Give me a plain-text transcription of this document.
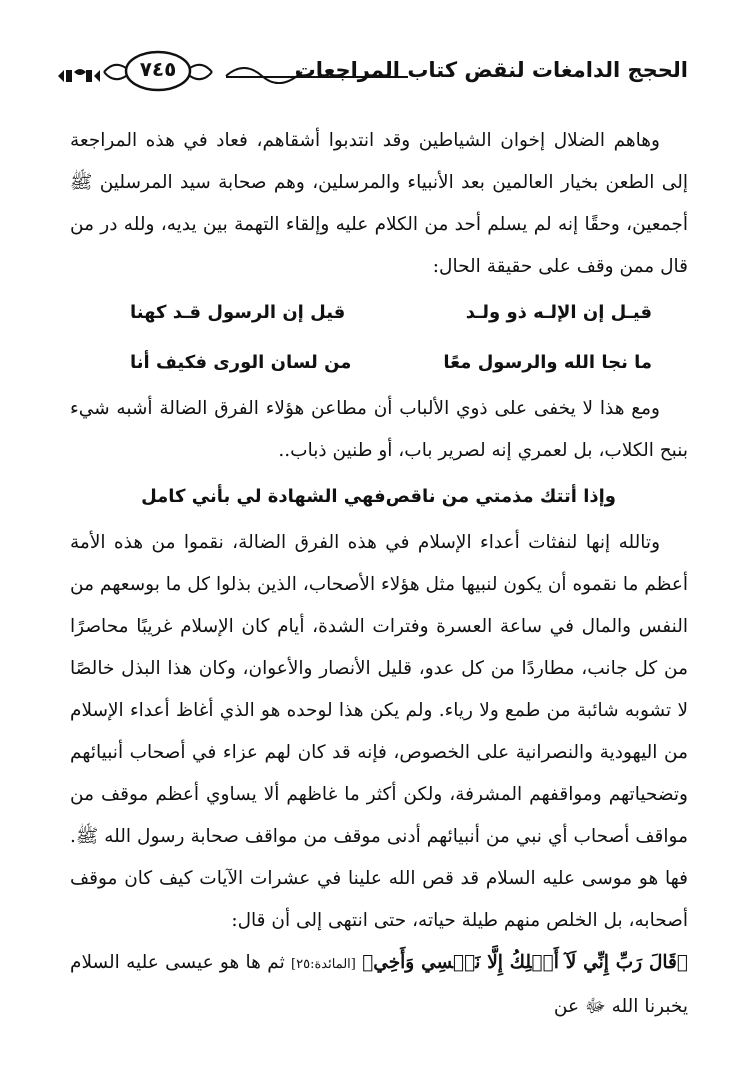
٧٤٥	الحجج الدامغات لنقض كتاب المراجعات

وهاهم الضلال إخوان الشياطين وقد انتدبوا أشقاهم، فعاد في هذه المراجعة إلى الطعن بخيار العالمين بعد الأنبياء والمرسلين، وهم صحابة سيد المرسلين ﷺ أجمعين، وحقًا إنه لم يسلم أحد من الكلام عليه وإلقاء التهمة بين يديه، ولله در من قال ممن وقف على حقيقة الحال:

قيـل إن الإلـه ذو ولـد
قيل إن الرسول قـد كهنا
ما نجا الله والرسول معًا
من لسان الورى فكيف أنا

ومع هذا لا يخفى على ذوي الألباب أن مطاعن هؤلاء الفرق الضالة أشبه شيء بنبح الكلاب، بل لعمري إنه لصرير باب، أو طنين ذباب..

وإذا أتتك مذمتي من ناقص
فهي الشهادة لي بأني كامل

وتالله إنها لنفثات أعداء الإسلام في هذه الفرق الضالة، نقموا من هذه الأمة أعظم ما نقموه أن يكون لنبيها مثل هؤلاء الأصحاب، الذين بذلوا كل ما بوسعهم من النفس والمال في ساعة العسرة وفترات الشدة، أيام كان الإسلام غريبًا محاصرًا من كل جانب، مطاردًا من كل عدو، قليل الأنصار والأعوان، وكان هذا البذل خالصًا لا تشوبه شائبة من طمع ولا رياء. ولم يكن هذا لوحده هو الذي أغاظ أعداء الإسلام من اليهودية والنصرانية على الخصوص، فإنه قد كان لهم عزاء في أصحاب أنبيائهم وتضحياتهم ومواقفهم المشرفة، ولكن أكثر ما غاظهم ألا يساوي أعظم موقف من مواقف أصحاب أي نبي من أنبيائهم أدنى موقف من مواقف صحابة رسول الله ﷺ. فها هو موسى عليه السلام قد قص الله علينا في عشرات الآيات كيف كان موقف أصحابه، بل الخلص منهم طيلة حياته، حتى انتهى إلى أن قال:

﴿قَالَ رَبِّ إِنِّي لَآ أَمۡلِكُ إِلَّا نَفۡسِي وَأَخِي﴾ [المائدة:٢٥] ثم ها هو عيسى عليه السلام يخبرنا الله ﷻ عن
